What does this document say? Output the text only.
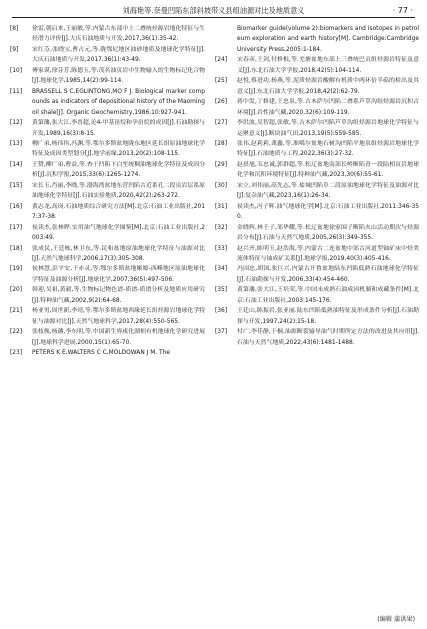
刘海艳等.奈曼凹陷东部斜坡带义县组油源对比及地质意义	· 77 ·
[8]	徐雷,朝启来,王丽敏,等.内蒙古东部中上二叠统烃源岩地化特征与生烃潜力评价[J].大庆石油地质与开发,2017,36(1):35-42.
[9]	宋红芬,张晓宝,曹占元,等.陇鄂尼地区油砂地质及地球化学特征[J].大庆石油地质与开发,2017,36(1):43-49.
[10]	傅家谟,徐芬芳,陈德玉,等.茂名油页岩中生物输入的生物标记化合物[J].地球化学,1985,14(2):99-114.
[11]	BRASSELL S C,EGLINTONG,MO F J. Biological marker compounds as indicators of depositional history of the Maoming oil shale[J]. Organic Geochemistry,1986,10:927-941.
[12]	黄第藩,张大江,李晋超,论4-甲基甾烷和孕甾烷的成因[J].石油勘探与开发,1989,16(3):8-15.
[13]	柳广弟,杨伟伟,冯渊,等.鄂尔多斯盆地陇东地区延长组原油地球化学特征及成因类型划分[J].地学前缘,2013,20(2):108-115.
[14]	王赞,柳广弟,曹益,等.查干凹陷下白垩统稠油地球化学特征及成因分析[J].沉积学报,2015,33(6):1265-1274.
[15]	宋长玉,肖丽,李晓,等.渤海湾盆地东营凹陷古近系孔二段页岩层系原油地球化学特征[J].石油实验地质,2020,42(2):263-272.
[16]	黄志龙,高岗.石油地质综合研究方法[M].北京:石油工业出版社,2017:37-38.
[17]	侯读杰,张林晔.实用油气地球化学图鉴[M].北京:石油工业出版社,2003:49.
[18]	张成民,王廷栋,林卫东,等.民和盆地原油地球化学特征与油源对比[J].天然气地球科学,2006,17(3):305-308.
[19]	侯林慧,彭平安,于赤灵,等.鄂尔多斯盆地姬塬-西峰地区原油地球化学特征及油源分析[J].地球化学,2007,36(5):497-506.
[20]	韩迎,吴祖,黄毅,等.生物标记物色谱-质谱-质谱分析及地质应用研究[J].特种油气藏,2002,9(2):64-68.
[21]	杨亚男,周世新,李靖,等.鄂尔多斯盆地西缘延长组烃源岩地球化学特征与油源对比[J].天然气地球科学,2017,28(4):550-565.
[22]	张枝焕,杨藩,李东明,等.中国新生界咸化湖相有机地球化学研究进展[J].地球科学进展,2000,15(1):65-70.
[23]	PETERS K E,WALTERS C C,MOLDOWAN J M. The
Biomarker guide(volume 2):biomarkers and isotopes in petroleum exploration and earth history[M]. Cambridge:Cambridge University Press,2005:1-184.
[24]	宋春彦,王剑,付修根,等.羌塘盆地东部上三叠统巴贡组烃源岩特征及意义[J].东北石油大学学报,2018,42(5):104-114.
[25]	赵悦,蔡进功,杨燕,等.泥质烃源岩酸解有机质中两环倍半萜的检出及其意义[J].东北石油大学学报,2018,42(2):62-79.
[26]	蒋中发,丁修建,王忠泉,等.吉木萨尔凹陷二叠系芦草沟组烃源岩沉积古环境[J].岩性油气藏,2020,32(6):109-119.
[27]	李洪波,吴智超,张敏,等.吉木萨尔凹陷芦草沟组烃源岩地球化学特征与运聚意义[J].断块油气田,2013,19(5):559-585.
[28]	张伟,赵莉莉,龚鑫,等.准噶尔盆地石树沟凹陷平地泉组烃源岩地球化学特征[J].石油地质与工程,2022,36(3):27-32.
[29]	赵晨旭,韦忠诚,郭群超,等.松辽盆地南部长岭断陷青一段陆相页岩地球化学和沉积环境特征[J].特种油气藏,2023,30(6):55-61.
[30]	宋立,刘伟丽,高先志,等.盐城凹陷阜二段原油地球化学特征及油源对比[J].复杂油气藏,2023,16(1):26-34.
[31]	侯读杰,冯子辉.油气地球化学[M].北京:石油工业出版社,2011:346-350.
[32]	金晓辉,林壬子,邹华耀,等.松辽盆地徐家围子断陷火山活动期次与烃源岩分布[J].石油与天然气地质,2005,26(3):349-355.
[33]	赵兴齐,陈明玉,赵浩海,等.内蒙古二连盆地中部古河道型铀矿床中烃类流体特征与铀成矿关系[J].地球学报,2019,40(3):405-416.
[34]	冯国忠,胡国,张巨兴.内蒙古开鲁盆地陆东凹陷低熟石油地球化学特征[J].石油勘探与开发,2006,33(4):454-460.
[35]	黄第藩,张大江,王培荣,等.中国未成熟石油成因机制和成藏条件[M].北京:石油工业出版社,2003:145-176.
[36]	王廷山,陈振岩,张亚丽.陆东凹陷低熟油特征及形成条件分析[J].石油勘探与开发,1997,24(2):15-18.
[37]	付广,李佳静,于桐.油源断裂输导油气时期所定方法的改进及其应用[J].石油与天然气地质,2022,43(6):1481-1488.
(编辑 蒲洪果)
